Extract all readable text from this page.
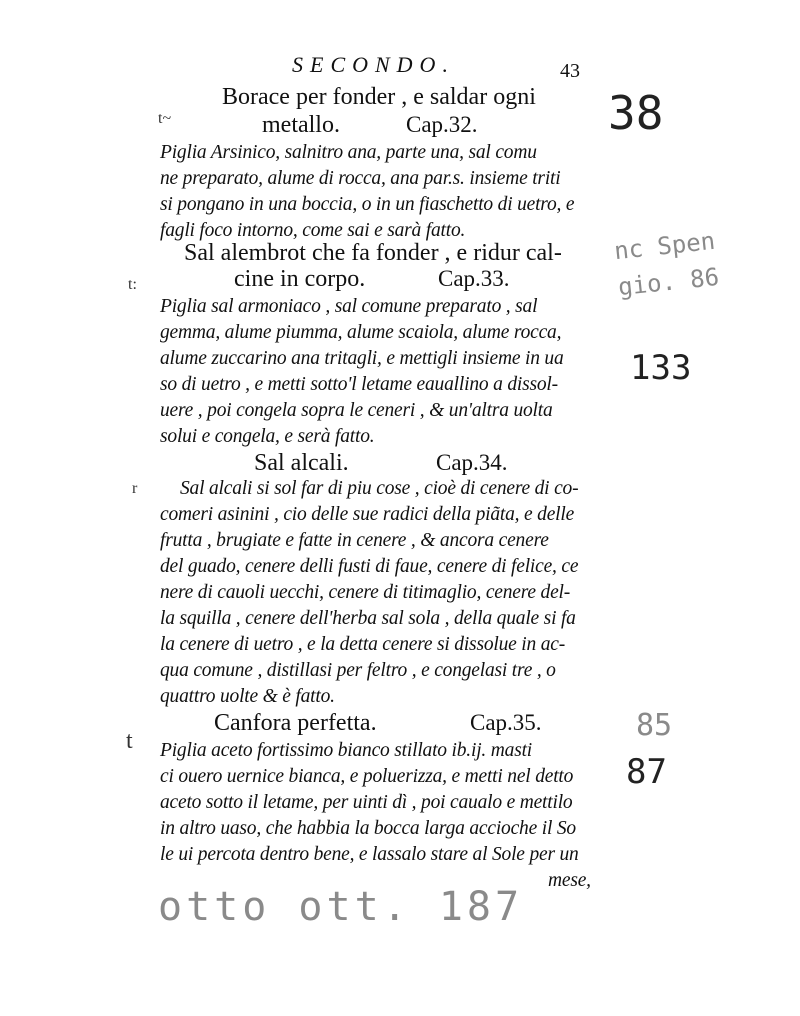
SECONDO.	43
38
nc Spen
gio. 86
133
85
87
otto ott. 187
t~
t:
r
t
Borace per fonder , e saldar ogni
metallo.	Cap.32.
Piglia Arsinico, salnitro ana, parte una, sal comu
ne preparato, alume di rocca, ana par.s. insieme triti
si pongano in una boccia, o in un fiaschetto di uetro, e
fagli foco intorno, come sai e sarà fatto.
Sal alembrot che fa fonder , e ridur cal-
cine in corpo.	Cap.33.
Piglia sal armoniaco , sal comune preparato , sal
gemma, alume piumma, alume scaiola, alume rocca,
alume zuccarino ana tritagli, e mettigli insieme in ua
so di uetro , e metti sotto'l letame eauallino a dissol-
uere , poi congela sopra le ceneri , & un'altra uolta
solui e congela, e serà fatto.
Sal alcali.	Cap.34.
Sal alcali si sol far di piu cose , cioè di cenere di co-
comeri asinini , cio delle sue radici della piãta, e delle
frutta , brugiate e fatte in cenere , & ancora cenere
del guado, cenere delli fusti di faue, cenere di felice, ce
nere di cauoli uecchi, cenere di titimaglio, cenere del-
la squilla , cenere dell'herba sal sola , della quale si fa
la cenere di uetro , e la detta cenere si dissolue in ac-
qua comune , distillasi per feltro , e congelasi tre , o
quattro uolte & è fatto.
Canfora perfetta.	Cap.35.
Piglia aceto fortissimo bianco stillato ib.ij. masti
ci ouero uernice bianca, e poluerizza, e metti nel detto
aceto sotto il letame, per uinti dì , poi caualo e mettilo
in altro uaso, che habbia la bocca larga accioche il So
le ui percota dentro bene, e lassalo stare al Sole per un
mese,
